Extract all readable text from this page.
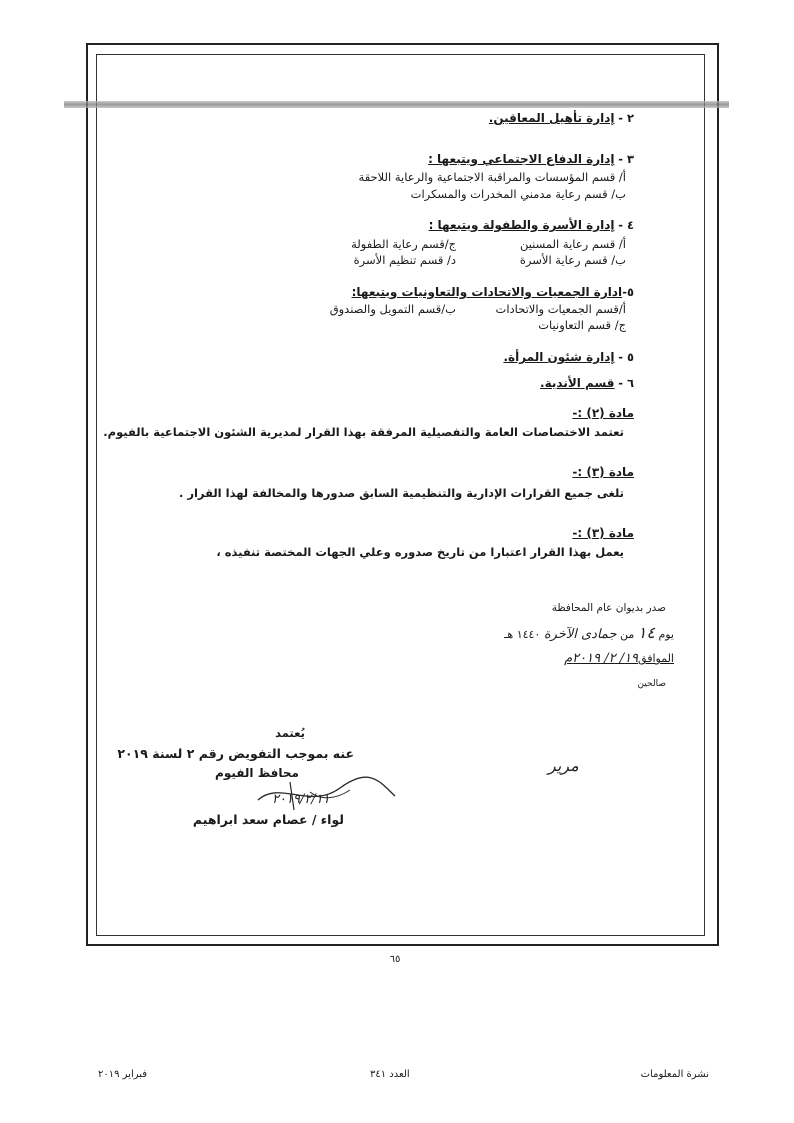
٢ - إدارة تأهيل المعاقين.
٣ - إدارة الدفاع الاجتماعي ويتبعها :
أ/ قسم المؤسسات والمراقبة الاجتماعية والرعاية اللاحقة
ب/ قسم رعاية مدمني المخدرات والمسكرات
٤ - إدارة الأسرة والطفولة ويتبعها :
أ/ قسم رعاية المسنين
ج/قسم رعاية الطفولة
ب/ قسم رعاية الأسرة
د/ قسم تنظيم الأسرة
٥-ادارة الجمعيات والاتحادات والتعاونيات ويتبعها:
أ/قسم الجمعيات والاتحادات
ب/قسم التمويل والصندوق
ج/ قسم التعاونيات
٥ - إدارة شئون المرأة.
٦ - قسم الأندية.
مادة (٢) :-
تعتمد الاختصاصات العامة والتفصيلية المرفقة بهذا القرار لمديرية الشئون الاجتماعية بالفيوم.
مادة (٣) :-
تلغى جميع القرارات الإدارية والتنظيمية السابق صدورها والمخالفة لهذا القرار .
مادة (٣) :-
يعمل بهذا القرار اعتبارا من تاريخ صدوره وعلي الجهات المختصة تنفيذه ،
صدر بديوان عام المحافظة
يوم ١٤ من جمادى الآخرة ١٤٤٠ هـ
الموافق١٩/ ٢/ ٢٠١٩م
صالحين
يُعتمد
عنه بموجب التفويض رقم ٢ لسنة ٢٠١٩
محافظ الفيوم
٢٠١٩/٢/١١
مرير
لواء / عصام سعد ابراهيم
٦٥
نشرة المعلومات
العدد ٣٤١
فبراير ٢٠١٩
